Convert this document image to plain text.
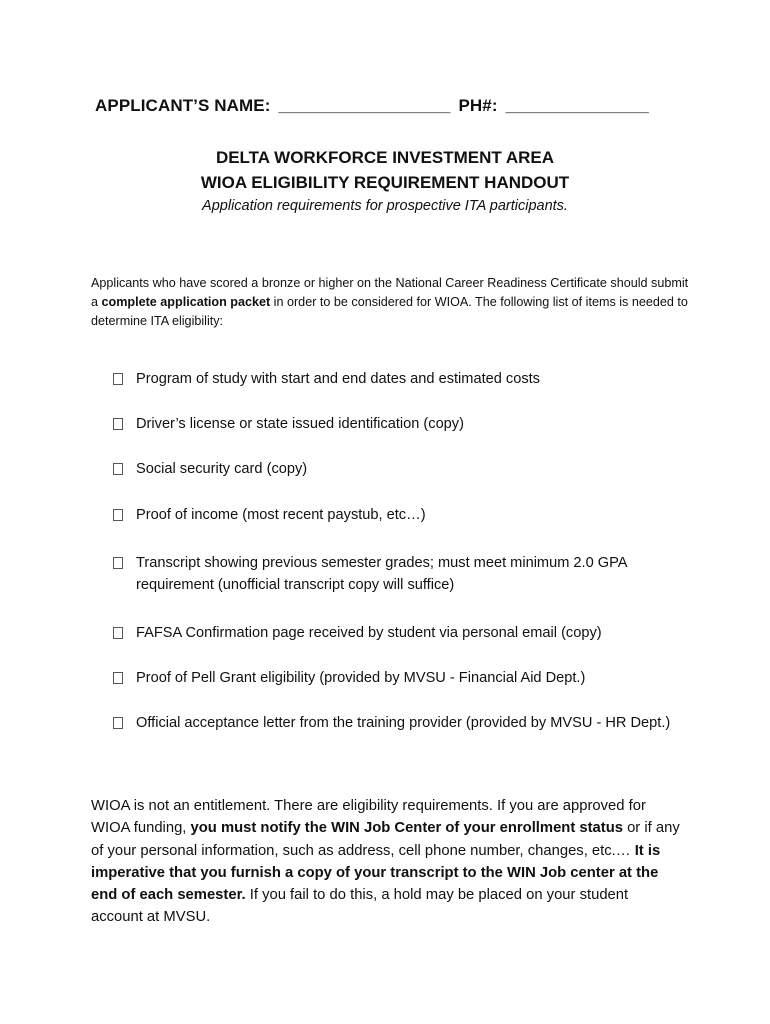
APPLICANT’S NAME: __________________ PH#: _______________
DELTA WORKFORCE INVESTMENT AREA
WIOA ELIGIBILITY REQUIREMENT HANDOUT
Application requirements for prospective ITA participants.
Applicants who have scored a bronze or higher on the National Career Readiness Certificate should submit a complete application packet in order to be considered for WIOA. The following list of items is needed to determine ITA eligibility:
Program of study with start and end dates and estimated costs
Driver’s license or state issued identification (copy)
Social security card (copy)
Proof of income (most recent paystub, etc…)
Transcript showing previous semester grades; must meet minimum 2.0 GPA requirement (unofficial transcript copy will suffice)
FAFSA Confirmation page received by student via personal email (copy)
Proof of Pell Grant eligibility (provided by MVSU - Financial Aid Dept.)
Official acceptance letter from the training provider (provided by MVSU - HR Dept.)
WIOA is not an entitlement. There are eligibility requirements. If you are approved for WIOA funding, you must notify the WIN Job Center of your enrollment status or if any of your personal information, such as address, cell phone number, changes, etc.… It is imperative that you furnish a copy of your transcript to the WIN Job center at the end of each semester. If you fail to do this, a hold may be placed on your student account at MVSU.
